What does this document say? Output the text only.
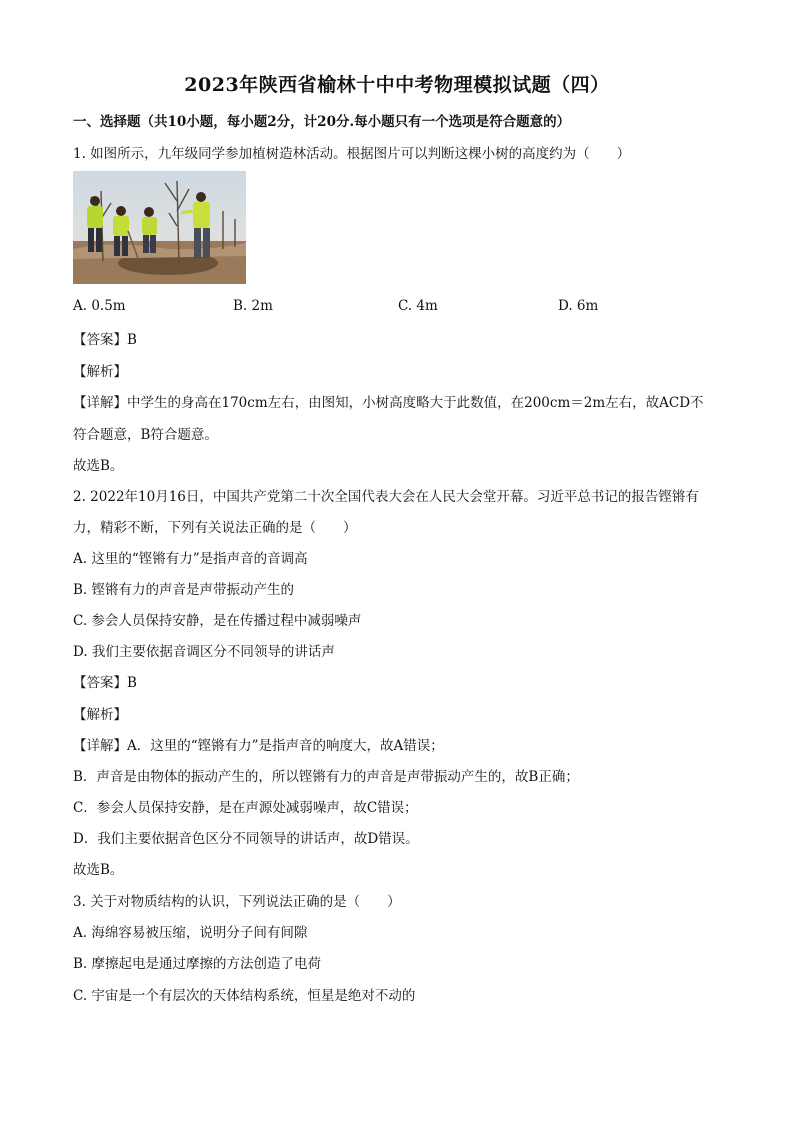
2023年陕西省榆林十中中考物理模拟试题（四）
一、选择题（共10小题，每小题2分，计20分.每小题只有一个选项是符合题意的）
1. 如图所示，九年级同学参加植树造林活动。根据图片可以判断这棵小树的高度约为（　　）
A. 0.5m	B. 2m	C. 4m	D. 6m
【答案】B
【解析】
【详解】中学生的身高在170cm左右，由图知，小树高度略大于此数值，在200cm＝2m左右，故ACD不
符合题意，B符合题意。
故选B。
2. 2022年10月16日，中国共产党第二十次全国代表大会在人民大会堂开幕。习近平总书记的报告铿锵有
力，精彩不断，下列有关说法正确的是（　　）
A. 这里的“铿锵有力”是指声音的音调高
B. 铿锵有力的声音是声带振动产生的
C. 参会人员保持安静，是在传播过程中减弱噪声
D. 我们主要依据音调区分不同领导的讲话声
【答案】B
【解析】
【详解】A．这里的“铿锵有力”是指声音的响度大，故A错误；
B．声音是由物体的振动产生的，所以铿锵有力的声音是声带振动产生的，故B正确；
C．参会人员保持安静，是在声源处减弱噪声，故C错误；
D．我们主要依据音色区分不同领导的讲话声，故D错误。
故选B。
3. 关于对物质结构的认识，下列说法正确的是（　　）
A. 海绵容易被压缩，说明分子间有间隙
B. 摩擦起电是通过摩擦的方法创造了电荷
C. 宇宙是一个有层次的天体结构系统，恒星是绝对不动的
